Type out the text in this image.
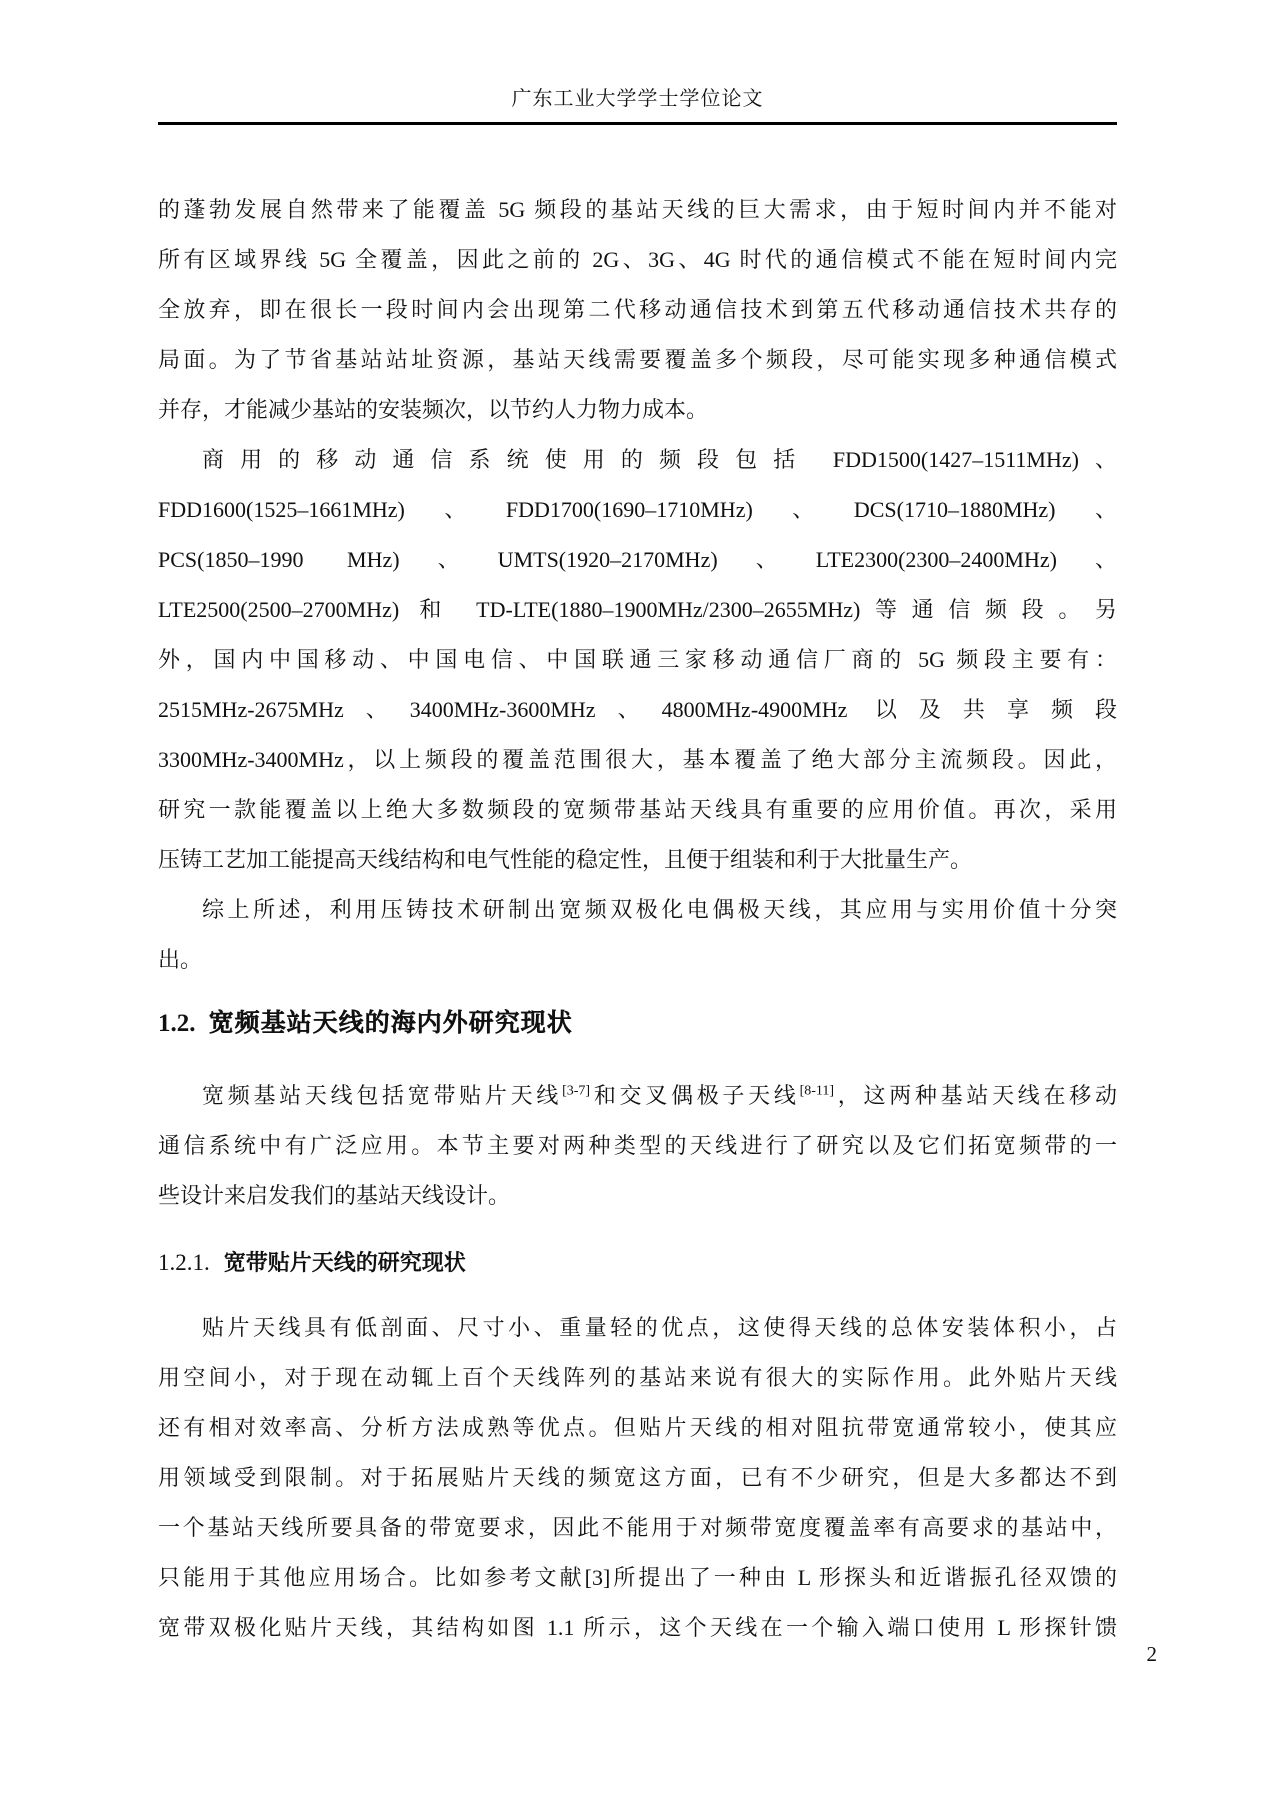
广东工业大学学士学位论文
的蓬勃发展自然带来了能覆盖 5G 频段的基站天线的巨大需求，由于短时间内并不能对
所有区域界线 5G 全覆盖，因此之前的 2G、3G、4G 时代的通信模式不能在短时间内完
全放弃，即在很长一段时间内会出现第二代移动通信技术到第五代移动通信技术共存的
局面。为了节省基站站址资源，基站天线需要覆盖多个频段，尽可能实现多种通信模式
并存，才能减少基站的安装频次，以节约人力物力成本。
商用的移动通信系统使用的频段包括 FDD1500(1427–1511MHz)、
FDD1600(1525–1661MHz)、FDD1700(1690–1710MHz)、DCS(1710–1880MHz)、
PCS(1850–1990 MHz)、UMTS(1920–2170MHz)、LTE2300(2300–2400MHz)、
LTE2500(2500–2700MHz) 和 TD-LTE(1880–1900MHz/2300–2655MHz)等通信频段。另
外，国内中国移动、中国电信、中国联通三家移动通信厂商的 5G 频段主要有：
2515MHz-2675MHz、3400MHz-3600MHz、4800MHz-4900MHz 以及共享频段
3300MHz-3400MHz，以上频段的覆盖范围很大，基本覆盖了绝大部分主流频段。因此，
研究一款能覆盖以上绝大多数频段的宽频带基站天线具有重要的应用价值。再次，采用
压铸工艺加工能提高天线结构和电气性能的稳定性，且便于组装和利于大批量生产。
综上所述，利用压铸技术研制出宽频双极化电偶极天线，其应用与实用价值十分突
出。
1.2. 宽频基站天线的海内外研究现状
宽频基站天线包括宽带贴片天线[3-7]和交叉偶极子天线[8-11]，这两种基站天线在移动
通信系统中有广泛应用。本节主要对两种类型的天线进行了研究以及它们拓宽频带的一
些设计来启发我们的基站天线设计。
1.2.1. 宽带贴片天线的研究现状
贴片天线具有低剖面、尺寸小、重量轻的优点，这使得天线的总体安装体积小，占
用空间小，对于现在动辄上百个天线阵列的基站来说有很大的实际作用。此外贴片天线
还有相对效率高、分析方法成熟等优点。但贴片天线的相对阻抗带宽通常较小，使其应
用领域受到限制。对于拓展贴片天线的频宽这方面，已有不少研究，但是大多都达不到
一个基站天线所要具备的带宽要求，因此不能用于对频带宽度覆盖率有高要求的基站中，
只能用于其他应用场合。比如参考文献[3]所提出了一种由 L 形探头和近谐振孔径双馈的
宽带双极化贴片天线，其结构如图 1.1 所示，这个天线在一个输入端口使用 L 形探针馈
2
